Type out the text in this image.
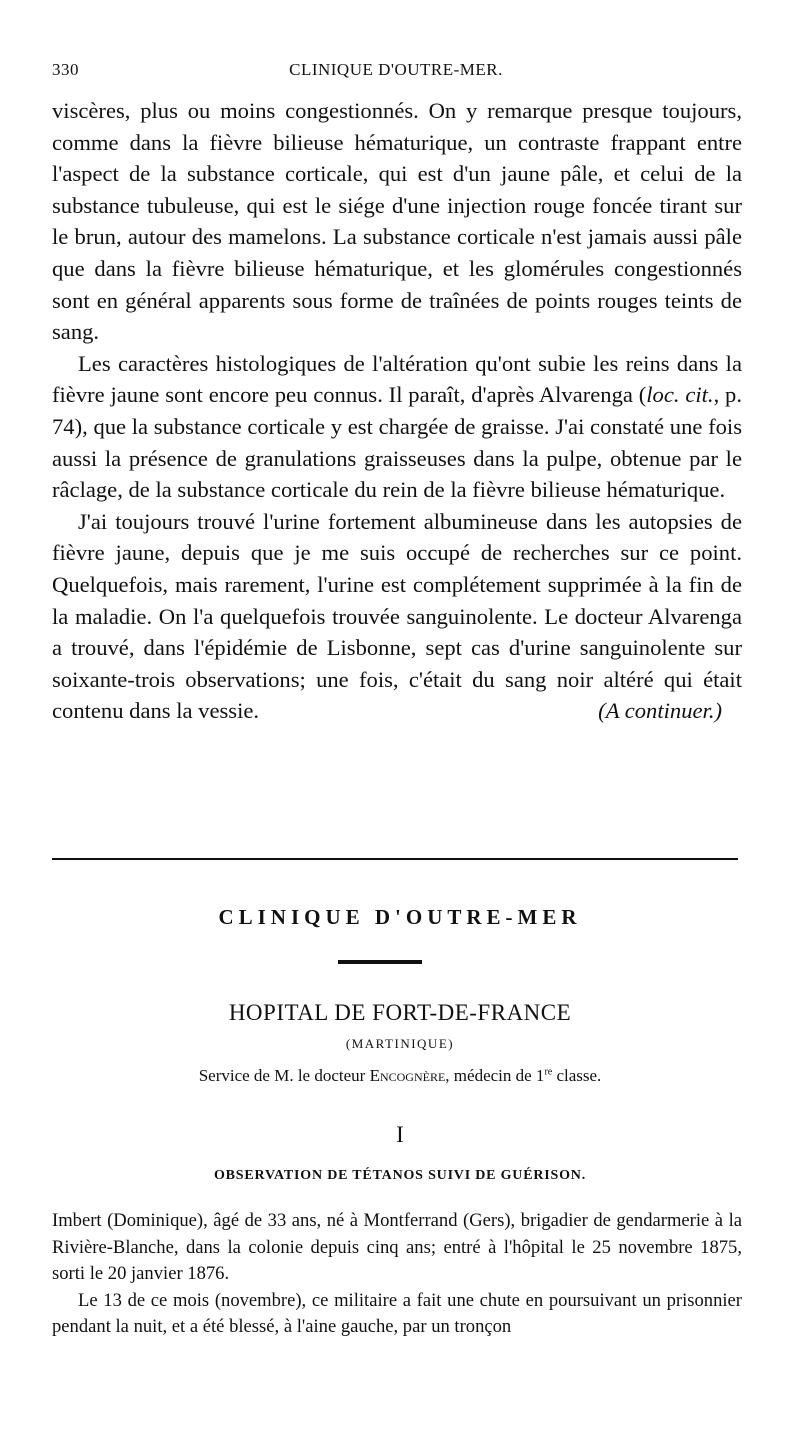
330	CLINIQUE D'OUTRE-MER.

viscères, plus ou moins congestionnés. On y remarque presque toujours, comme dans la fièvre bilieuse hématurique, un contraste frappant entre l'aspect de la substance corticale, qui est d'un jaune pâle, et celui de la substance tubuleuse, qui est le siége d'une injection rouge foncée tirant sur le brun, autour des mamelons. La substance corticale n'est jamais aussi pâle que dans la fièvre bilieuse hématurique, et les glomérules congestionnés sont en général apparents sous forme de traînées de points rouges teints de sang.

Les caractères histologiques de l'altération qu'ont subie les reins dans la fièvre jaune sont encore peu connus. Il paraît, d'après Alvarenga (loc. cit., p. 74), que la substance corticale y est chargée de graisse. J'ai constaté une fois aussi la présence de granulations graisseuses dans la pulpe, obtenue par le râclage, de la substance corticale du rein de la fièvre bilieuse hématurique.

J'ai toujours trouvé l'urine fortement albumineuse dans les autopsies de fièvre jaune, depuis que je me suis occupé de recherches sur ce point. Quelquefois, mais rarement, l'urine est complétement supprimée à la fin de la maladie. On l'a quelquefois trouvée sanguinolente. Le docteur Alvarenga a trouvé, dans l'épidémie de Lisbonne, sept cas d'urine sanguinolente sur soixante-trois observations; une fois, c'était du sang noir altéré qui était contenu dans la vessie.	(A continuer.)

CLINIQUE D'OUTRE-MER
HOPITAL DE FORT-DE-FRANCE
(MARTINIQUE)
Service de M. le docteur Encognère, médecin de 1re classe.
I
OBSERVATION DE TÉTANOS SUIVI DE GUÉRISON.

Imbert (Dominique), âgé de 33 ans, né à Montferrand (Gers), brigadier de gendarmerie à la Rivière-Blanche, dans la colonie depuis cinq ans; entré à l'hôpital le 25 novembre 1875, sorti le 20 janvier 1876.

Le 13 de ce mois (novembre), ce militaire a fait une chute en poursuivant un prisonnier pendant la nuit, et a été blessé, à l'aine gauche, par un tronçon
